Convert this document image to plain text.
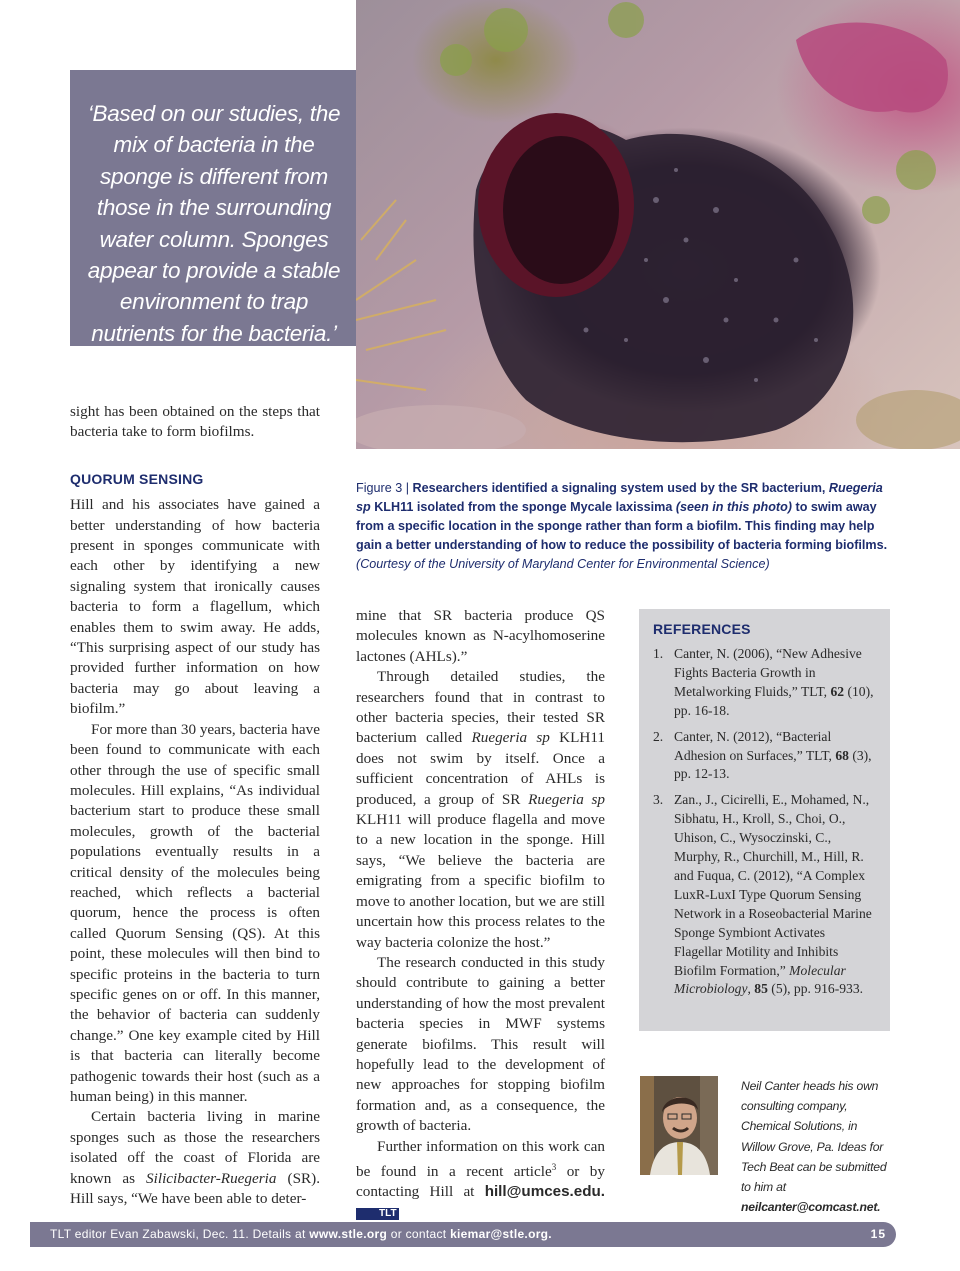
‘Based on our studies, the mix of bacteria in the sponge is different from those in the surrounding water column. Sponges appear to provide a stable environment to trap nutrients for the bacteria.’

sight has been obtained on the steps that bacteria take to form biofilms.

QUORUM SENSING

Hill and his associates have gained a better understanding of how bacteria present in sponges communicate with each other by identifying a new signaling system that ironically causes bacteria to form a flagellum, which enables them to swim away. He adds, “This surprising aspect of our study has provided further information on how bacteria may go about leaving a biofilm.”

For more than 30 years, bacteria have been found to communicate with each other through the use of specific small molecules. Hill explains, “As individual bacterium start to produce these small molecules, growth of the bacterial populations eventually results in a critical density of the molecules being reached, which reflects a bacterial quorum, hence the process is often called Quorum Sensing (QS). At this point, these molecules will then bind to specific proteins in the bacteria to turn specific genes on or off. In this manner, the behavior of bacteria can suddenly change.” One key example cited by Hill is that bacteria can literally become pathogenic towards their host (such as a human being) in this manner.

Certain bacteria living in marine sponges such as those the researchers isolated off the coast of Florida are known as Silicibacter-Ruegeria (SR). Hill says, “We have been able to deter-

Figure 3 | Researchers identified a signaling system used by the SR bacterium, Ruegeria sp KLH11 isolated from the sponge Mycale laxissima (seen in this photo) to swim away from a specific location in the sponge rather than form a biofilm. This finding may help gain a better understanding of how to reduce the possibility of bacteria forming biofilms. (Courtesy of the University of Maryland Center for Environmental Science)

mine that SR bacteria produce QS molecules known as N-acylhomoserine lactones (AHLs).”

Through detailed studies, the researchers found that in contrast to other bacteria species, their tested SR bacterium called Ruegeria sp KLH11 does not swim by itself. Once a sufficient concentration of AHLs is produced, a group of SR Ruegeria sp KLH11 will produce flagella and move to a new location in the sponge. Hill says, “We believe the bacteria are emigrating from a specific biofilm to move to another location, but we are still uncertain how this process relates to the way bacteria colonize the host.”

The research conducted in this study should contribute to gaining a better understanding of how the most prevalent bacteria species in MWF systems generate biofilms. This result will hopefully lead to the development of new approaches for stopping biofilm formation and, as a consequence, the growth of bacteria.

Further information on this work can be found in a recent article$^3$ or by contacting Hill at hill@umces.edu. TLT

REFERENCES
1. Canter, N. (2006), “New Adhesive Fights Bacteria Growth in Metalworking Fluids,” TLT, 62 (10), pp. 16-18.
2. Canter, N. (2012), “Bacterial Adhesion on Surfaces,” TLT, 68 (3), pp. 12-13.
3. Zan., J., Cicirelli, E., Mohamed, N., Sibhatu, H., Kroll, S., Choi, O., Uhison, C., Wysoczinski, C., Murphy, R., Churchill, M., Hill, R. and Fuqua, C. (2012), “A Complex LuxR-LuxI Type Quorum Sensing Network in a Roseobacterial Marine Sponge Symbiont Activates Flagellar Motility and Inhibits Biofilm Formation,” Molecular Microbiology, 85 (5), pp. 916-933.
Neil Canter heads his own consulting company, Chemical Solutions, in Willow Grove, Pa. Ideas for Tech Beat can be submitted to him at neilcanter@comcast.net.
TLT editor Evan Zabawski, Dec. 11. Details at www.stle.org or contact kiemar@stle.org.	15
